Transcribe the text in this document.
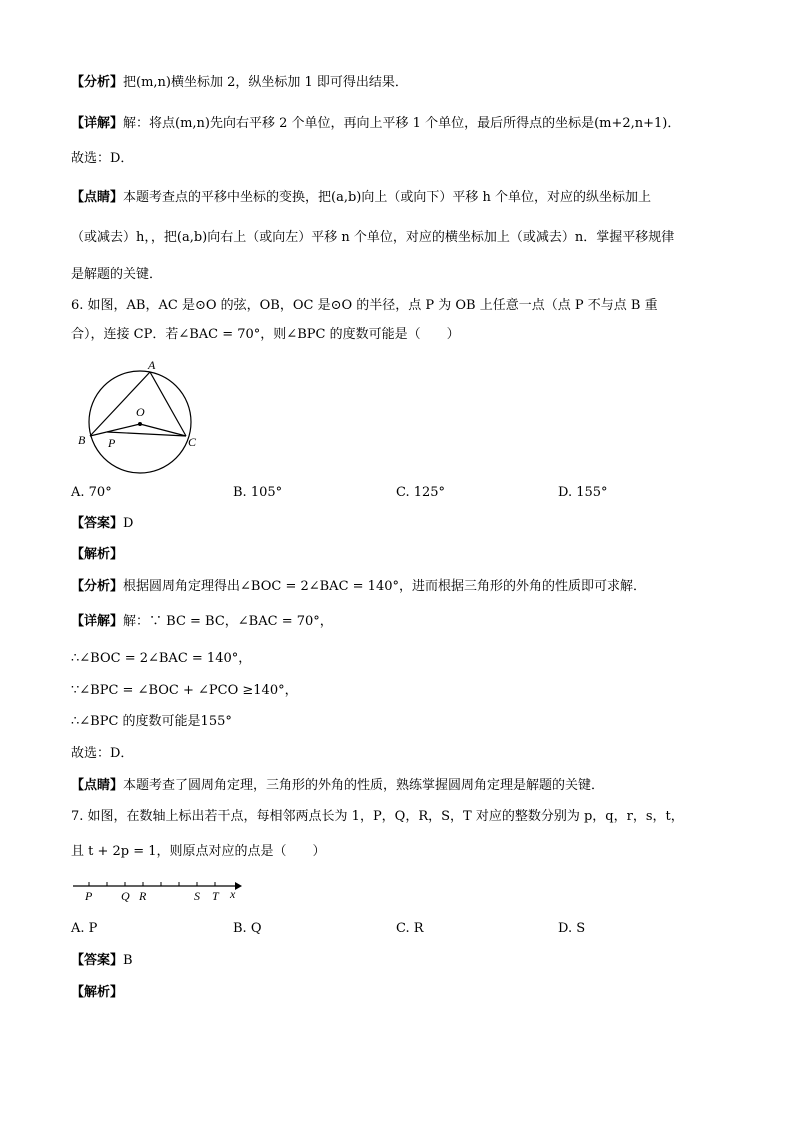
【分析】把(m,n)横坐标加 2，纵坐标加 1 即可得出结果．
【详解】解：将点(m,n)先向右平移 2 个单位，再向上平移 1 个单位，最后所得点的坐标是(m+2,n+1)．
故选：D．
【点睛】本题考查点的平移中坐标的变换，把(a,b)向上（或向下）平移 h 个单位，对应的纵坐标加上
（或减去）h，，把(a,b)向右上（或向左）平移 n 个单位，对应的横坐标加上（或减去）n．掌握平移规律
是解题的关键．
6. 如图，AB，AC 是⊙O 的弦，OB，OC 是⊙O 的半径，点 P 为 OB 上任意一点（点 P 不与点 B 重
合），连接 CP．若∠BAC = 70°，则∠BPC 的度数可能是（　　）
A
O
B P	C
A. 70°	B. 105°	C. 125°	D. 155°
【答案】D
【解析】
【分析】根据圆周角定理得出∠BOC = 2∠BAC = 140°，进而根据三角形的外角的性质即可求解．
【详解】解：∵ BC = BC，∠BAC = 70°，
∴∠BOC = 2∠BAC = 140°，
∵∠BPC = ∠BOC + ∠PCO ≥140°，
∴∠BPC 的度数可能是155°
故选：D．
【点睛】本题考查了圆周角定理，三角形的外角的性质，熟练掌握圆周角定理是解题的关键．
7. 如图，在数轴上标出若干点，每相邻两点长为 1，P，Q，R，S，T 对应的整数分别为 p，q，r，s，t，
且 t + 2p = 1，则原点对应的点是（　　）
P Q R	S T x
A. P	B. Q	C. R	D. S
【答案】B
【解析】
